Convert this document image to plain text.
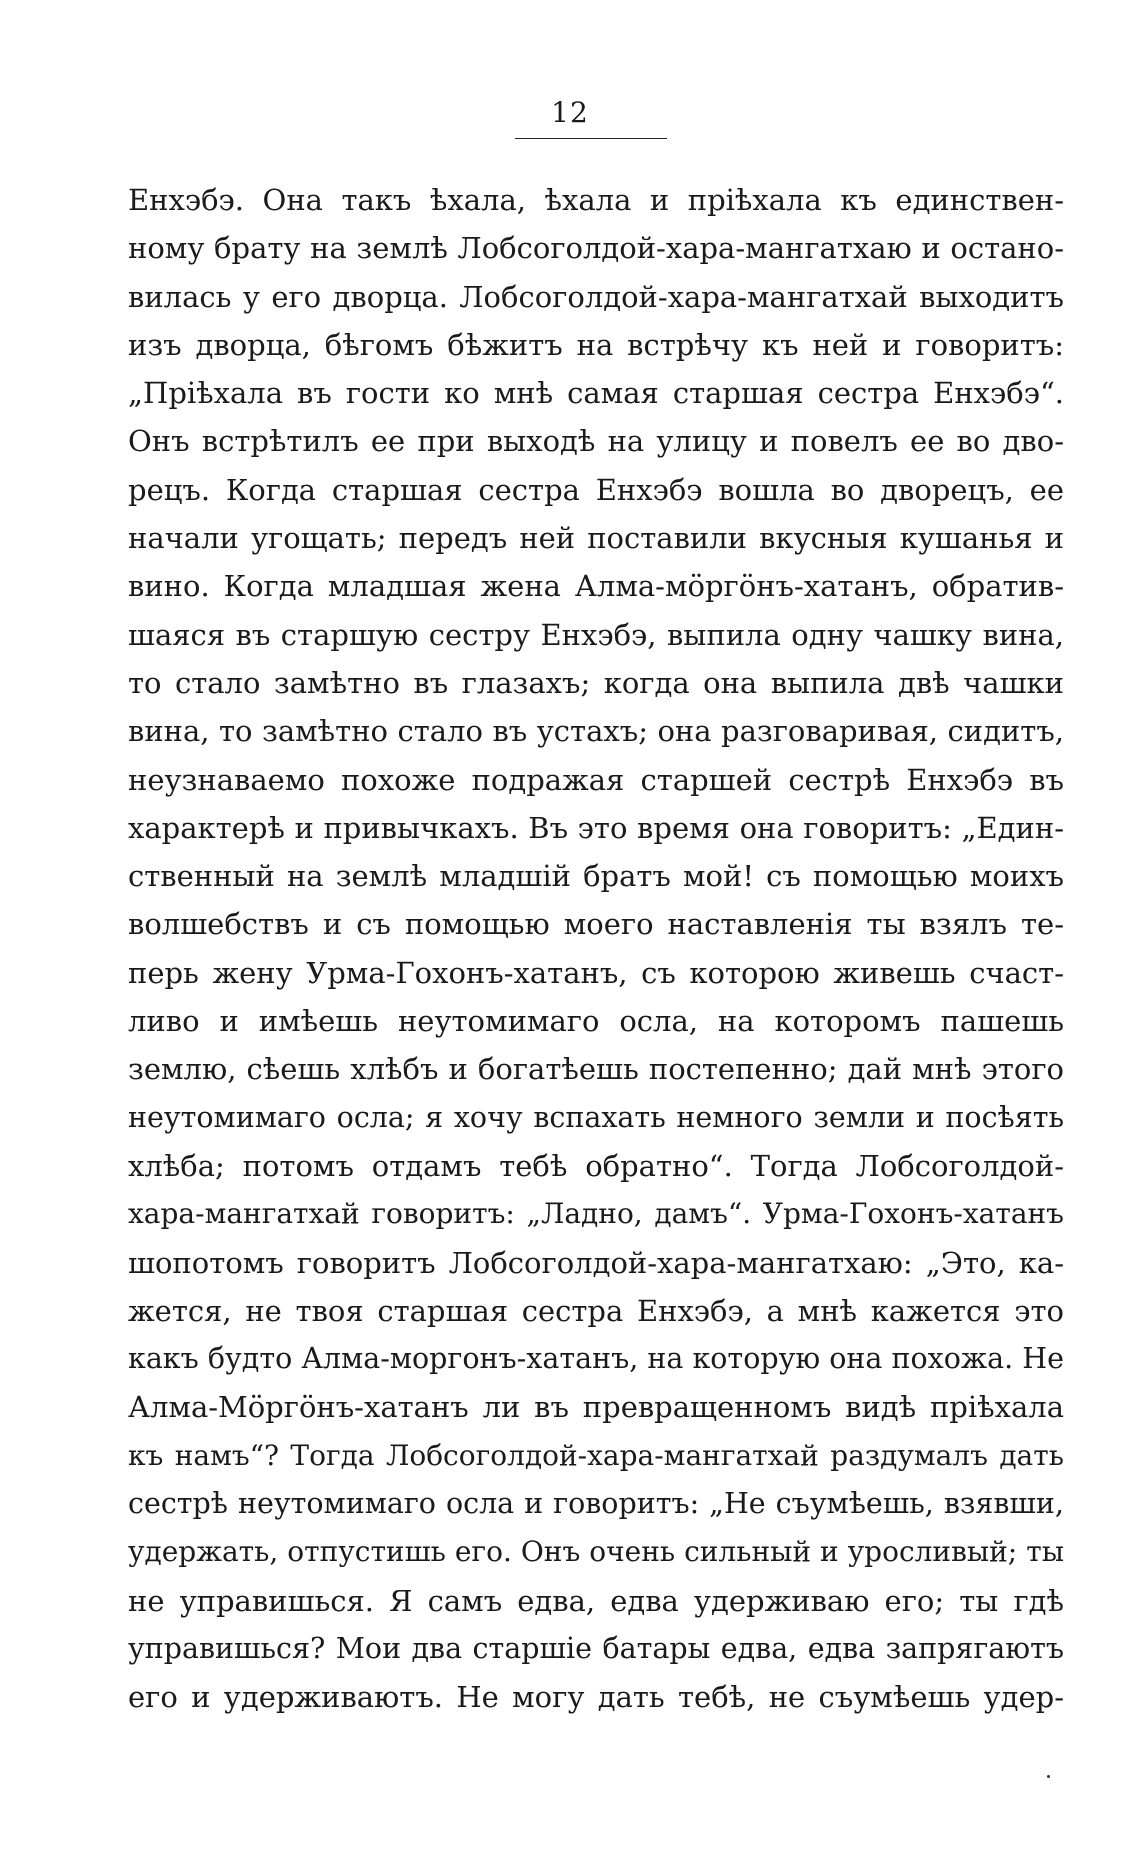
12
Енхэбэ. Она такъ ѣхала, ѣхала и пріѣхала къ единствен-
ному брату на землѣ Лобсоголдой-хара-мангатхаю и остано-
вилась у его дворца. Лобсоголдой-хара-мангатхай выходитъ
изъ дворца, бѣгомъ бѣжитъ на встрѣчу къ ней и говоритъ:
„Пріѣхала въ гости ко мнѣ самая старшая сестра Енхэбэ“.
Онъ встрѣтилъ ее при выходѣ на улицу и повелъ ее во дво-
рецъ. Когда старшая сестра Енхэбэ вошла во дворецъ, ее
начали угощать; передъ ней поставили вкусныя кушанья и
вино. Когда младшая жена Алма-мӧргӧнъ-хатанъ, обратив-
шаяся въ старшую сестру Енхэбэ, выпила одну чашку вина,
то стало замѣтно въ глазахъ; когда она выпила двѣ чашки
вина, то замѣтно стало въ устахъ; она разговаривая, сидитъ,
неузнаваемо похоже подражая старшей сестрѣ Енхэбэ въ
характерѣ и привычкахъ. Въ это время она говоритъ: „Един-
ственный на землѣ младшій братъ мой! съ помощью моихъ
волшебствъ и съ помощью моего наставленія ты взялъ те-
перь жену Урма-Гохонъ-хатанъ, съ которою живешь счаст-
ливо и имѣешь неутомимаго осла, на которомъ пашешь
землю, сѣешь хлѣбъ и богатѣешь постепенно; дай мнѣ этого
неутомимаго осла; я хочу вспахать немного земли и посѣять
хлѣба; потомъ отдамъ тебѣ обратно“. Тогда Лобсоголдой-
хара-мангатхай говоритъ: „Ладно, дамъ“. Урма-Гохонъ-хатанъ
шопотомъ говоритъ Лобсоголдой-хара-мангатхаю: „Это, ка-
жется, не твоя старшая сестра Енхэбэ, а мнѣ кажется это
какъ будто Алма-моргонъ-хатанъ, на которую она похожа. Не
Алма-Мӧргӧнъ-хатанъ ли въ превращенномъ видѣ пріѣхала
къ намъ“? Тогда Лобсоголдой-хара-мангатхай раздумалъ дать
сестрѣ неутомимаго осла и говоритъ: „Не съумѣешь, взявши,
удержать, отпустишь его. Онъ очень сильный и уросливый; ты
не управишься. Я самъ едва, едва удерживаю его; ты гдѣ
управишься? Мои два старшіе батары едва, едва запрягаютъ
его и удерживаютъ. Не могу дать тебѣ, не съумѣешь удер-
